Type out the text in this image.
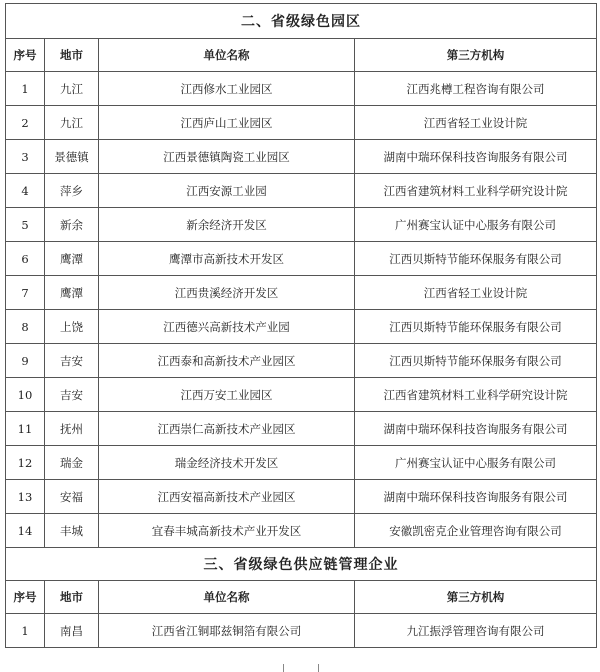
二、省级绿色园区			
序号	地市	单位名称	第三方机构
1	九江	江西修水工业园区	江西兆樽工程咨询有限公司
2	九江	江西庐山工业园区	江西省轻工业设计院
3	景德镇	江西景德镇陶瓷工业园区	湖南中瑞环保科技咨询服务有限公司
4	萍乡	江西安源工业园	江西省建筑材料工业科学研究设计院
5	新余	新余经济开发区	广州赛宝认证中心服务有限公司
6	鹰潭	鹰潭市高新技术开发区	江西贝斯特节能环保服务有限公司
7	鹰潭	江西贵溪经济开发区	江西省轻工业设计院
8	上饶	江西德兴高新技术产业园	江西贝斯特节能环保服务有限公司
9	吉安	江西泰和高新技术产业园区	江西贝斯特节能环保服务有限公司
10	吉安	江西万安工业园区	江西省建筑材料工业科学研究设计院
11	抚州	江西崇仁高新技术产业园区	湖南中瑞环保科技咨询服务有限公司
12	瑞金	瑞金经济技术开发区	广州赛宝认证中心服务有限公司
13	安福	江西安福高新技术产业园区	湖南中瑞环保科技咨询服务有限公司
14	丰城	宜春丰城高新技术产业开发区	安徽凯密克企业管理咨询有限公司
三、省级绿色供应链管理企业			
序号	地市	单位名称	第三方机构
1	南昌	江西省江铜耶兹铜箔有限公司	九江振浮管理咨询有限公司
